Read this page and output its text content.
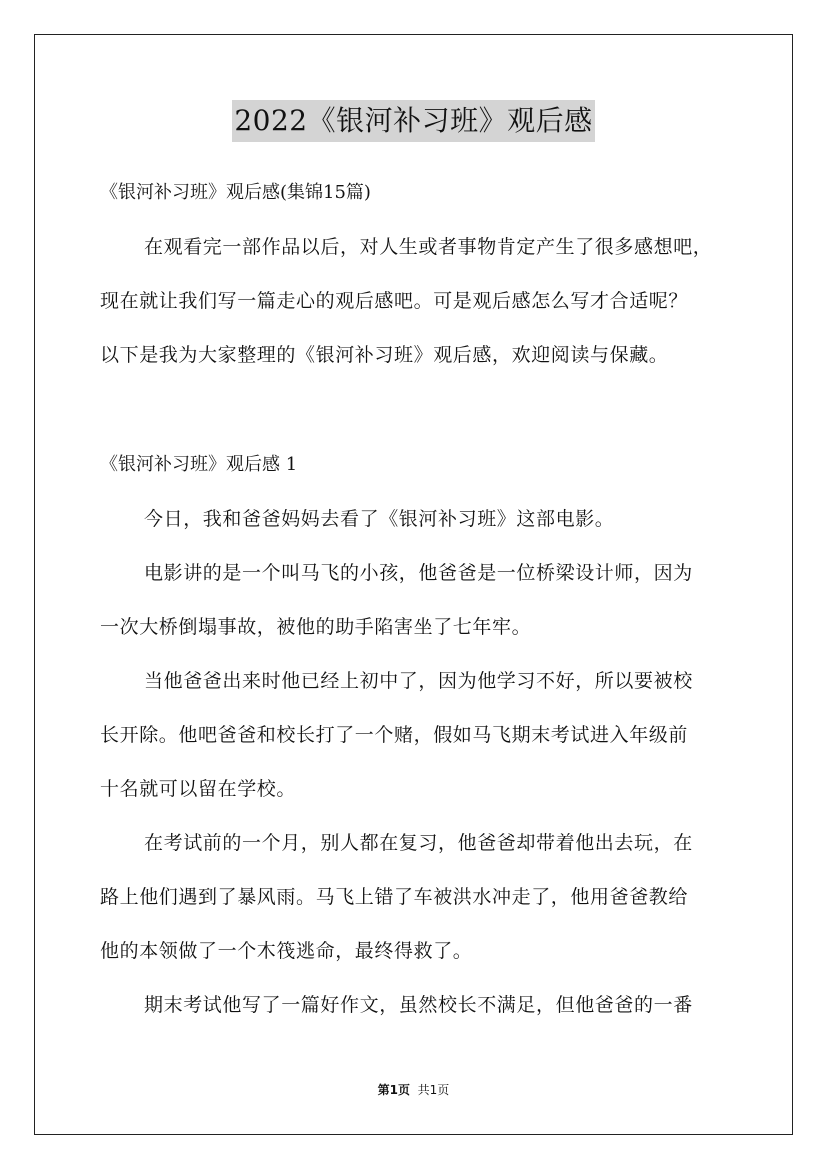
2022《银河补习班》观后感
《银河补习班》观后感(集锦15篇)
在观看完一部作品以后，对人生或者事物肯定产生了很多感想吧，
现在就让我们写一篇走心的观后感吧。可是观后感怎么写才合适呢？
以下是我为大家整理的《银河补习班》观后感，欢迎阅读与保藏。
《银河补习班》观后感 1
今日，我和爸爸妈妈去看了《银河补习班》这部电影。
电影讲的是一个叫马飞的小孩，他爸爸是一位桥梁设计师，因为
一次大桥倒塌事故，被他的助手陷害坐了七年牢。
当他爸爸出来时他已经上初中了，因为他学习不好，所以要被校
长开除。他吧爸爸和校长打了一个赌，假如马飞期末考试进入年级前
十名就可以留在学校。
在考试前的一个月，别人都在复习，他爸爸却带着他出去玩，在
路上他们遇到了暴风雨。马飞上错了车被洪水冲走了，他用爸爸教给
他的本领做了一个木筏逃命，最终得救了。
期末考试他写了一篇好作文，虽然校长不满足，但他爸爸的一番
第1页 共1页
